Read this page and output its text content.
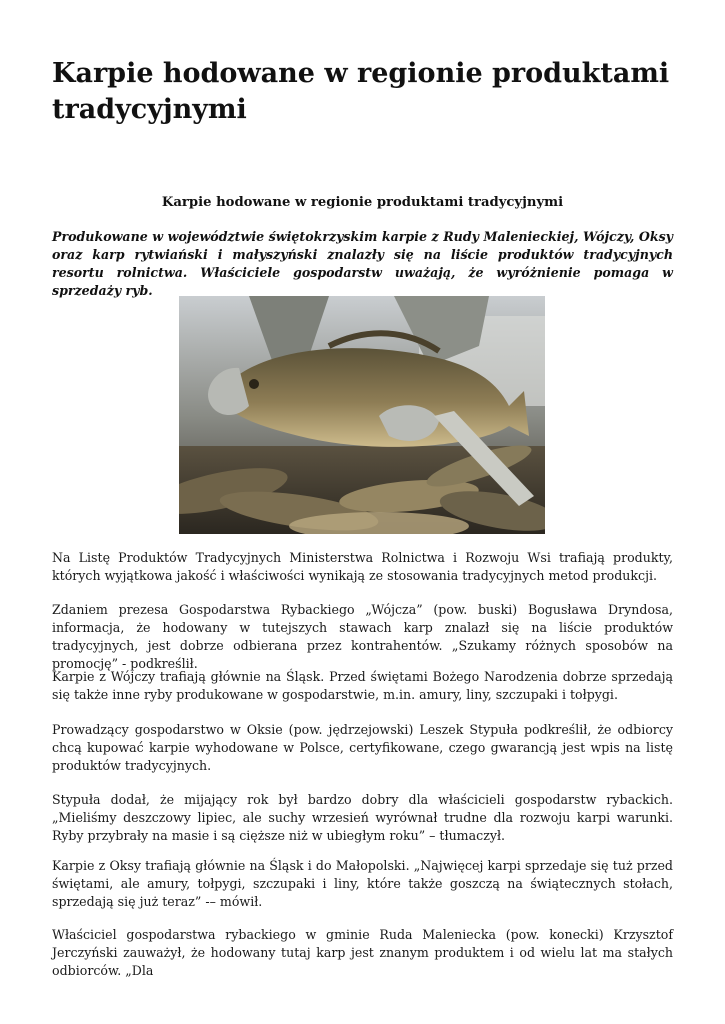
Karpie hodowane w regionie produktami tradycyjnymi

Karpie hodowane w regionie produktami tradycyjnymi

Produkowane w województwie świętokrzyskim karpie z Rudy Malenieckiej, Wójczy, Oksy oraz karp rytwiański i małyszyński znalazły się na liście produktów tradycyjnych resortu rolnictwa. Właściciele gospodarstw uważają, że wyróżnienie pomaga w sprzedaży ryb.

Na Listę Produktów Tradycyjnych Ministerstwa Rolnictwa i Rozwoju Wsi trafiają produkty, których wyjątkowa jakość i właściwości wynikają ze stosowania tradycyjnych metod produkcji.

Zdaniem prezesa Gospodarstwa Rybackiego „Wójcza” (pow. buski) Bogusława Dryndosa, informacja, że hodowany w tutejszych stawach karp znalazł się na liście produktów tradycyjnych, jest dobrze odbierana przez kontrahentów. „Szukamy różnych sposobów na promocję” - podkreślił.

Karpie z Wójczy trafiają głównie na Śląsk. Przed świętami Bożego Narodzenia dobrze sprzedają się także inne ryby produkowane w gospodarstwie, m.in. amury, liny, szczupaki i tołpygi.

Prowadzący gospodarstwo w Oksie (pow. jędrzejowski) Leszek Stypuła podkreślił, że odbiorcy chcą kupować karpie wyhodowane w Polsce, certyfikowane, czego gwarancją jest wpis na listę produktów tradycyjnych.

Stypuła dodał, że mijający rok był bardzo dobry dla właścicieli gospodarstw rybackich. „Mieliśmy deszczowy lipiec, ale suchy wrzesień wyrównał trudne dla rozwoju karpi warunki. Ryby przybrały na masie i są cięższe niż w ubiegłym roku” – tłumaczył.

Karpie z Oksy trafiają głównie na Śląsk i do Małopolski. „Najwięcej karpi sprzedaje się tuż przed świętami, ale amury, tołpygi, szczupaki i liny, które także goszczą na świątecznych stołach, sprzedają się już teraz” -– mówił.

Właściciel gospodarstwa rybackiego w gminie Ruda Maleniecka (pow. konecki) Krzysztof Jerczyński zauważył, że hodowany tutaj karp jest znanym produktem i od wielu lat ma stałych odbiorców. „Dla
